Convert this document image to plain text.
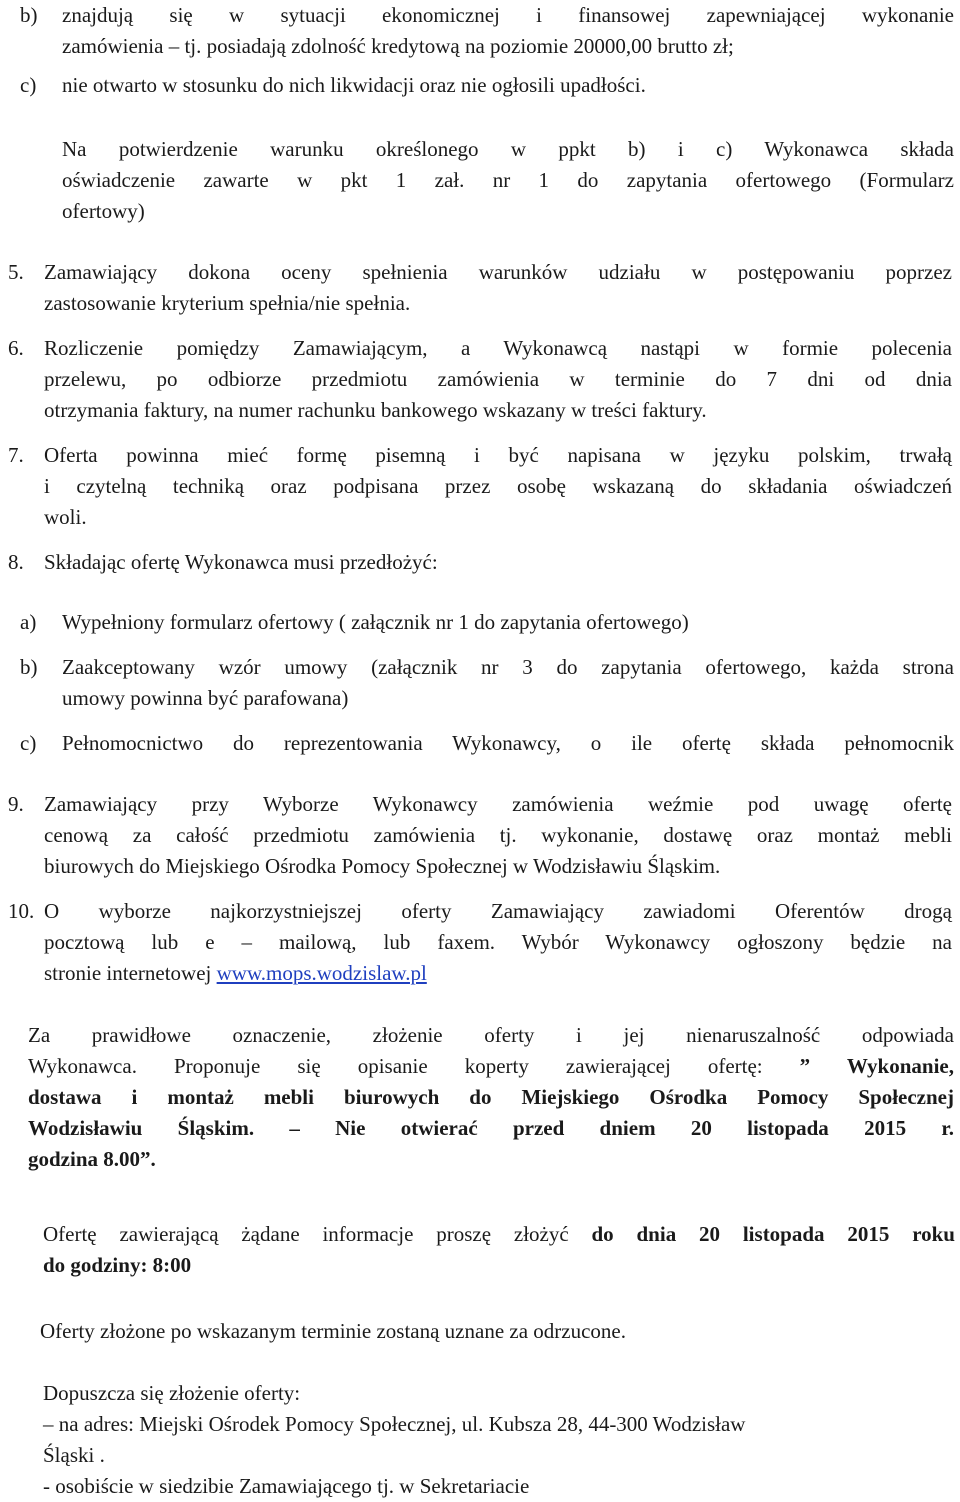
b) znajdują się w sytuacji ekonomicznej i finansowej zapewniającej wykonanie
zamówienia – tj. posiadają zdolność kredytową na poziomie 20000,00 brutto zł;
c) nie otwarto w stosunku do nich likwidacji oraz nie ogłosili upadłości.
Na potwierdzenie warunku określonego w ppkt b) i c) Wykonawca składa
oświadczenie zawarte w pkt 1 zał. nr 1 do zapytania ofertowego (Formularz
ofertowy)
5. Zamawiający dokona oceny spełnienia warunków udziału w postępowaniu poprzez
zastosowanie kryterium spełnia/nie spełnia.
6. Rozliczenie pomiędzy Zamawiającym, a Wykonawcą nastąpi w formie polecenia
przelewu, po odbiorze przedmiotu zamówienia w terminie do 7 dni od dnia
otrzymania faktury, na numer rachunku bankowego wskazany w treści faktury.
7. Oferta powinna mieć formę pisemną i być napisana w języku polskim, trwałą
i czytelną techniką oraz podpisana przez osobę wskazaną do składania oświadczeń
woli.
8. Składając ofertę Wykonawca musi przedłożyć:
a) Wypełniony formularz ofertowy ( załącznik nr 1 do zapytania ofertowego)
b) Zaakceptowany wzór umowy (załącznik nr 3 do zapytania ofertowego, każda strona
umowy powinna być parafowana)
c) Pełnomocnictwo do reprezentowania Wykonawcy, o ile ofertę składa pełnomocnik
9. Zamawiający przy Wyborze Wykonawcy zamówienia weźmie pod uwagę ofertę
cenową za całość przedmiotu zamówienia tj. wykonanie, dostawę oraz montaż mebli
biurowych do Miejskiego Ośrodka Pomocy Społecznej w Wodzisławiu Śląskim.
10. O wyborze najkorzystniejszej oferty Zamawiający zawiadomi Oferentów drogą
pocztową lub e – mailową, lub faxem. Wybór Wykonawcy ogłoszony będzie na
stronie internetowej www.mops.wodzislaw.pl
Za prawidłowe oznaczenie, złożenie oferty i jej nienaruszalność odpowiada
Wykonawca. Proponuje się opisanie koperty zawierającej ofertę: ” Wykonanie,
dostawa i montaż mebli biurowych do Miejskiego Ośrodka Pomocy Społecznej
Wodzisławiu Śląskim. – Nie otwierać przed dniem 20 listopada 2015 r.
godzina 8.00”.
Ofertę zawierającą żądane informacje proszę złożyć do dnia 20 listopada 2015 roku
do godziny: 8:00
Oferty złożone po wskazanym terminie zostaną uznane za odrzucone.
Dopuszcza się złożenie oferty:
– na adres: Miejski Ośrodek Pomocy Społecznej, ul. Kubsza 28, 44-300 Wodzisław
Śląski .
- osobiście w siedzibie Zamawiającego tj. w Sekretariacie
